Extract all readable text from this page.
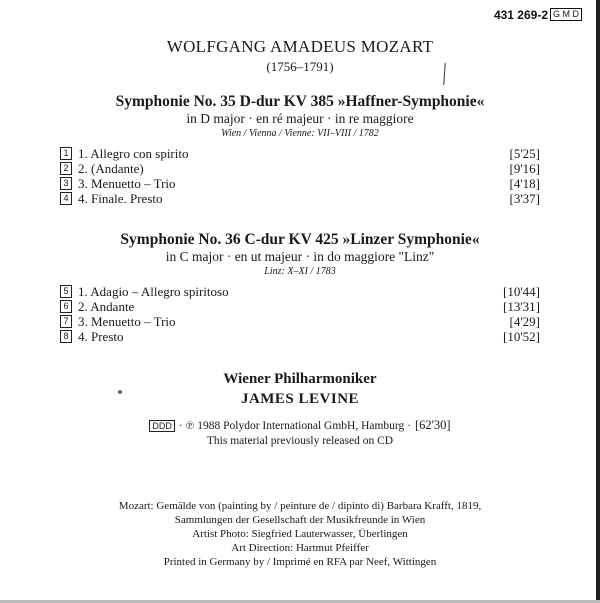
431 269-2 G M D
WOLFGANG AMADEUS MOZART
(1756–1791)
Symphonie No. 35 D-dur KV 385 »Haffner-Symphonie«
in D major · en ré majeur · in re maggiore
Wien / Vienna / Vienne: VII–VIII / 1782
1 1. Allegro con spirito	[5'25]
2 2. (Andante)	[9'16]
3 3. Menuetto – Trio	[4'18]
4 4. Finale. Presto	[3'37]
Symphonie No. 36 C-dur KV 425 »Linzer Symphonie«
in C major · en ut majeur · in do maggiore "Linz"
Linz: X–XI / 1783
5 1. Adagio – Allegro spiritoso	[10'44]
6 2. Andante	[13'31]
7 3. Menuetto – Trio	[4'29]
8 4. Presto	[10'52]
Wiener Philharmoniker
JAMES LEVINE
DDD · ℗ 1988 Polydor International GmbH, Hamburg · [62'30]
This material previously released on CD
Mozart: Gemälde von (painting by / peinture de / dipinto di) Barbara Krafft, 1819,
Sammlungen der Gesellschaft der Musikfreunde in Wien
Artist Photo: Siegfried Lauterwasser, Überlingen
Art Direction: Hartmut Pfeiffer
Printed in Germany by / Imprimé en RFA par Neef, Wittingen
